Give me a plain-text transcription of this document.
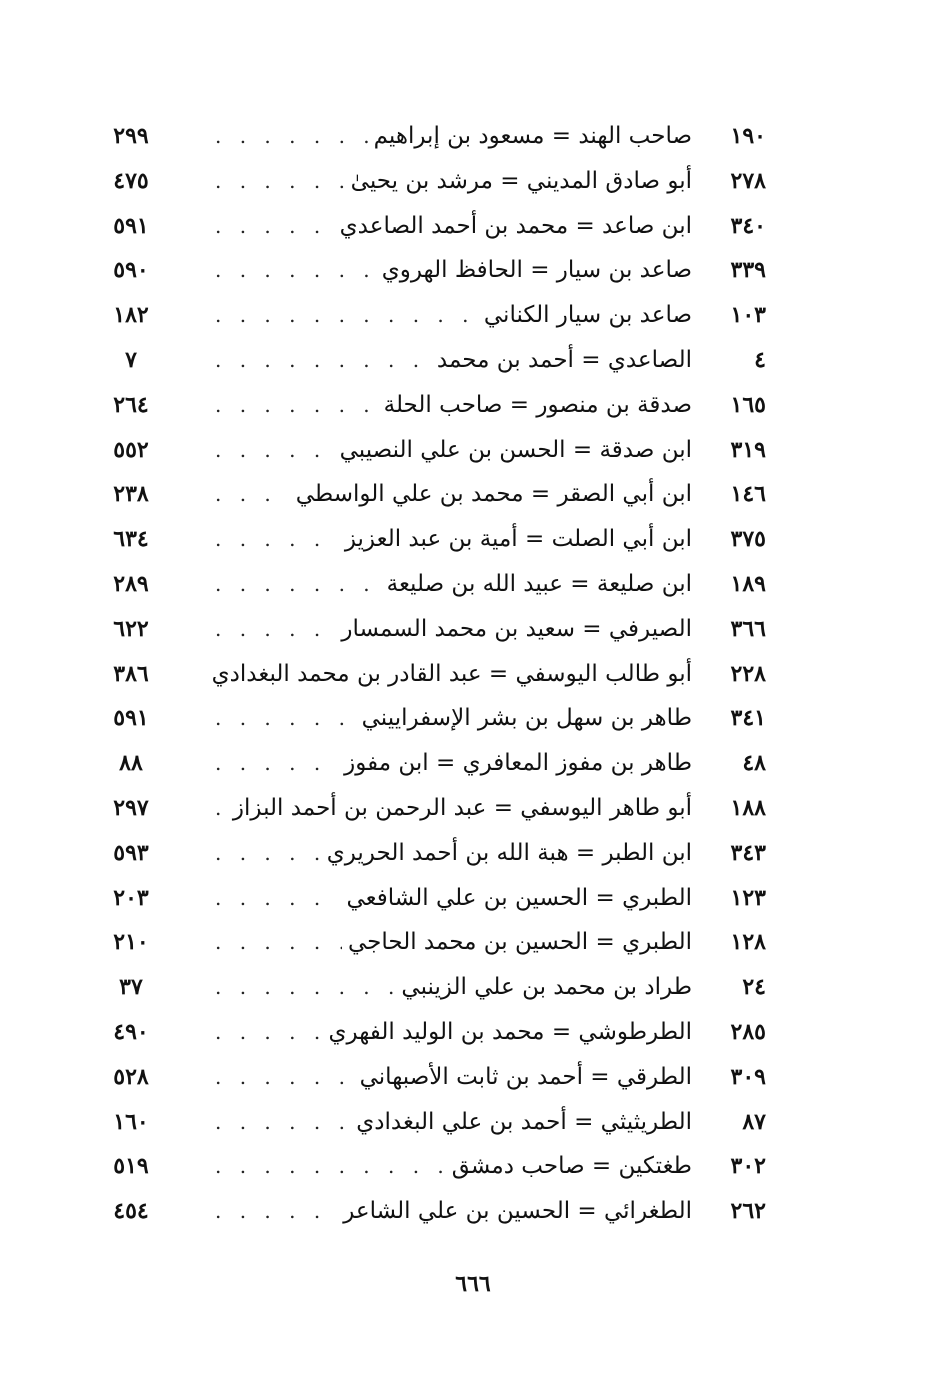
١٩٠
. . .
صاحب الهند = مسعود بن إبراهيم
٢٩٩
٢٧٨
. . .
أبو صادق المديني = مرشد بن يحيىٰ
٤٧٥
٣٤٠
. . .
ابن صاعد = محمد بن أحمد الصاعدي
٥٩١
٣٣٩
. . .
صاعد بن سيار = الحافظ الهروي
٥٩٠
١٠٣
. . .
صاعد بن سيار الكناني
١٨٢
٤
. . .
الصاعدي = أحمد بن محمد
٧
١٦٥
. . .
صدقة بن منصور = صاحب الحلة
٢٦٤
٣١٩
. . .
ابن صدقة = الحسن بن علي النصيبي
٥٥٢
١٤٦
. . .
ابن أبي الصقر = محمد بن علي الواسطي
٢٣٨
٣٧٥
. . .
ابن أبي الصلت = أمية بن عبد العزيز
٦٣٤
١٨٩
. . .
ابن صليعة = عبيد الله بن صليعة
٢٨٩
٣٦٦
. . .
الصيرفي = سعيد بن محمد السمسار
٦٢٢
٢٢٨
. . .
أبو طالب اليوسفي = عبد القادر بن محمد البغدادي
٣٨٦
٣٤١
. . .
طاهر بن سهل بن بشر الإسفراييني
٥٩١
٤٨
. . .
طاهر بن مفوز المعافري = ابن مفوز
٨٨
١٨٨
. . .
أبو طاهر اليوسفي = عبد الرحمن بن أحمد البزاز
٢٩٧
٣٤٣
. . .
ابن الطبر = هبة الله بن أحمد الحريري
٥٩٣
١٢٣
. . .
الطبري = الحسين بن علي الشافعي
٢٠٣
١٢٨
. . .
الطبري = الحسين بن محمد الحاجي
٢١٠
٢٤
. . .
طراد بن محمد بن علي الزينبي
٣٧
٢٨٥
. . .
الطرطوشي = محمد بن الوليد الفهري
٤٩٠
٣٠٩
. . .
الطرقي = أحمد بن ثابت الأصبهاني
٥٢٨
٨٧
. . .
الطريثيثي = أحمد بن علي البغدادي
١٦٠
٣٠٢
. . .
طغتكين = صاحب دمشق
٥١٩
٢٦٢
. . .
الطغرائي = الحسين بن علي الشاعر
٤٥٤
٦٦٦
